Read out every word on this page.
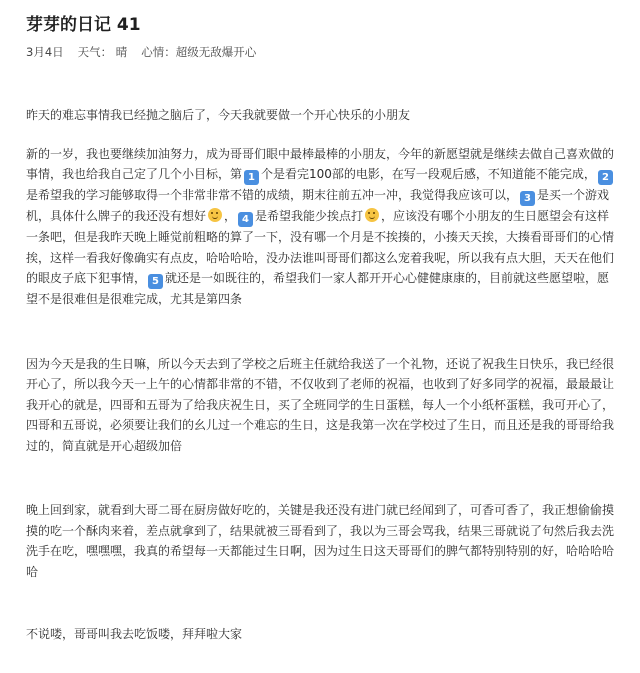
芽芽的日记 41
3月4日 天气： 晴 心情：超级无敌爆开心

昨天的难忘事情我已经抛之脑后了，今天我就要做一个开心快乐的小朋友

新的一岁，我也要继续加油努力，成为哥哥们眼中最棒最棒的小朋友，今年的新愿望就是继续去做自己喜欢做的事情，我也给我自己定了几个小目标，第 1 个是看完100部的电影，在写一段观后感，不知道能不能完成， 2是希望我的学习能够取得一个非常非常不错的成绩，期末往前五冲一冲，我觉得我应该可以， 3 是买一个游戏机，具体什么牌子的我还没有想好 ， 4 是希望我能少挨点打 ，应该没有哪个小朋友的生日愿望会有这样一条吧，但是我昨天晚上睡觉前粗略的算了一下，没有哪一个月是不挨揍的，小揍天天挨，大揍看哥哥们的心情挨，这样一看我好像确实有点皮，哈哈哈哈，没办法谁叫哥哥们都这么宠着我呢，所以我有点大胆，天天在他们的眼皮子底下犯事情， 5 就还是一如既往的，希望我们一家人都开开心心健健康康的，目前就这些愿望啦，愿望不是很难但是很难完成，尤其是第四条

因为今天是我的生日嘛，所以今天去到了学校之后班主任就给我送了一个礼物，还说了祝我生日快乐，我已经很开心了，所以我今天一上午的心情都非常的不错，不仅收到了老师的祝福，也收到了好多同学的祝福，最最最让我开心的就是，四哥和五哥为了给我庆祝生日，买了全班同学的生日蛋糕，每人一个小纸杯蛋糕，我可开心了，四哥和五哥说，必须要让我们的幺儿过一个难忘的生日，这是我第一次在学校过了生日，而且还是我的哥哥给我过的，简直就是开心超级加倍

晚上回到家，就看到大哥二哥在厨房做好吃的，关键是我还没有进门就已经闻到了，可香可香了，我正想偷偷摸摸的吃一个酥肉来着，差点就拿到了，结果就被三哥看到了，我以为三哥会骂我，结果三哥就说了句然后我去洗洗手在吃，嘿嘿嘿，我真的希望每一天都能过生日啊，因为过生日这天哥哥们的脾气都特别特别的好，哈哈哈哈哈

不说喽，哥哥叫我去吃饭喽，拜拜啦大家
